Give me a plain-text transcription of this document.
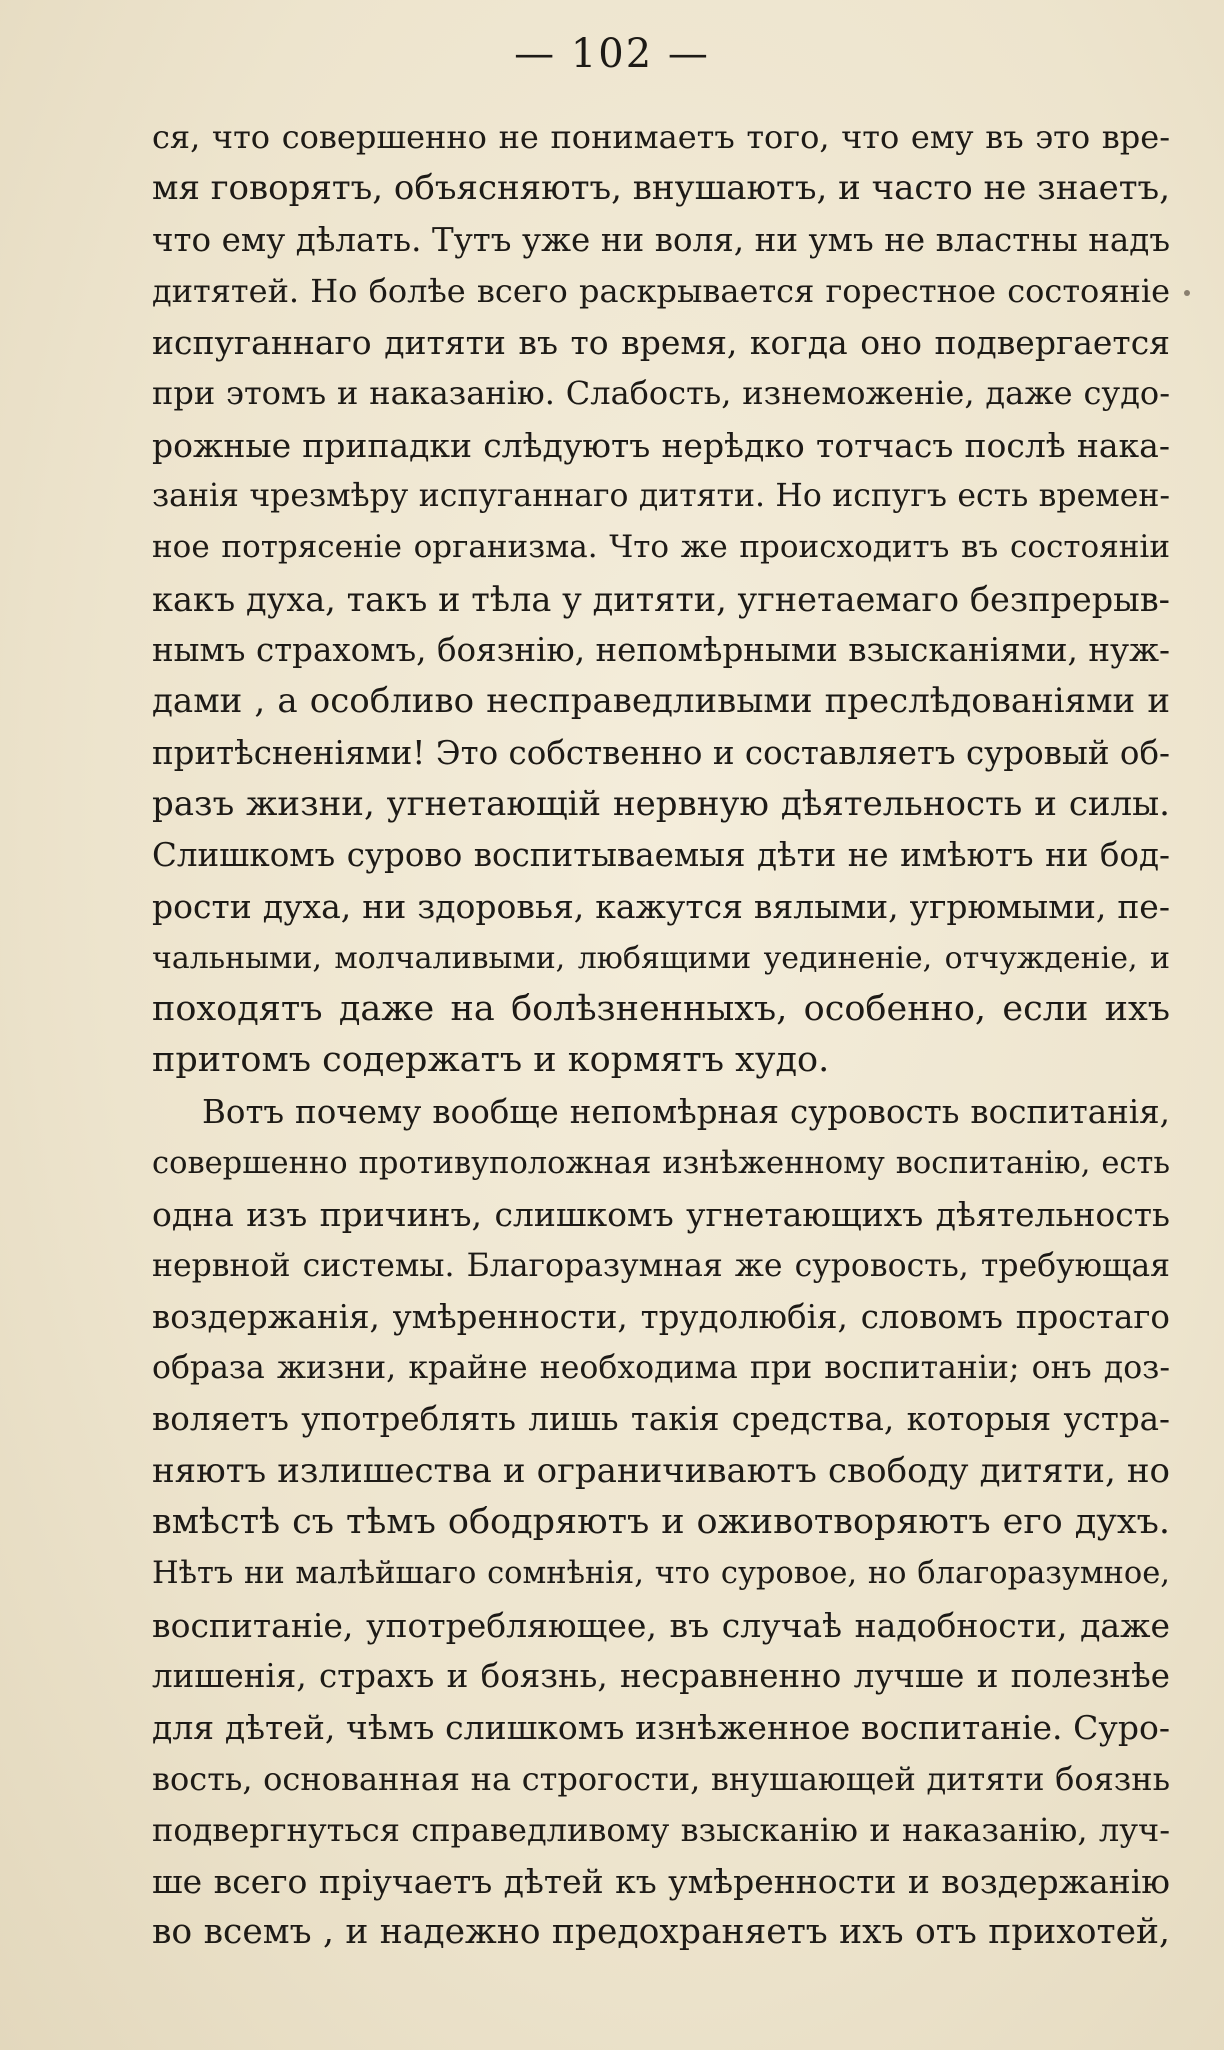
— 102 —
ся, что совершенно не понимаетъ того, что ему въ это вре-
мя говорятъ, объясняютъ, внушаютъ, и часто не знаетъ,
что ему дѣлать. Тутъ уже ни воля, ни умъ не властны надъ
дитятей. Но болѣе всего раскрывается горестное состояніе
испуганнаго дитяти въ то время, когда оно подвергается
при этомъ и наказанію. Слабость, изнеможеніе, даже судо-
рожные припадки слѣдуютъ нерѣдко тотчасъ послѣ нака-
занія чрезмѣру испуганнаго дитяти. Но испугъ есть времен-
ное потрясеніе организма. Что же происходитъ въ состояніи
какъ духа, такъ и тѣла у дитяти, угнетаемаго безпрерыв-
нымъ страхомъ, боязнію, непомѣрными взысканіями, нуж-
дами , а особливо несправедливыми преслѣдованіями и
притѣсненіями! Это собственно и составляетъ суровый об-
разъ жизни, угнетающій нервную дѣятельность и силы.
Слишкомъ сурово воспитываемыя дѣти не имѣютъ ни бод-
рости духа, ни здоровья, кажутся вялыми, угрюмыми, пе-
чальными, молчаливыми, любящими уединеніе, отчужденіе, и
походятъ даже на болѣзненныхъ, особенно, если ихъ
притомъ содержатъ и кормятъ худо.
Вотъ почему вообще непомѣрная суровость воспитанія,
совершенно противуположная изнѣженному воспитанію, есть
одна изъ причинъ, слишкомъ угнетающихъ дѣятельность
нервной системы. Благоразумная же суровость, требующая
воздержанія, умѣренности, трудолюбія, словомъ простаго
образа жизни, крайне необходима при воспитаніи; онъ доз-
воляетъ употреблять лишь такія средства, которыя устра-
няютъ излишества и ограничиваютъ свободу дитяти, но
вмѣстѣ съ тѣмъ ободряютъ и оживотворяютъ его духъ.
Нѣтъ ни малѣйшаго сомнѣнія, что суровое, но благоразумное,
воспитаніе, употребляющее, въ случаѣ надобности, даже
лишенія, страхъ и боязнь, несравненно лучше и полезнѣе
для дѣтей, чѣмъ слишкомъ изнѣженное воспитаніе. Суро-
вость, основанная на строгости, внушающей дитяти боязнь
подвергнуться справедливому взысканію и наказанію, луч-
ше всего пріучаетъ дѣтей къ умѣренности и воздержанію
во всемъ , и надежно предохраняетъ ихъ отъ прихотей,
